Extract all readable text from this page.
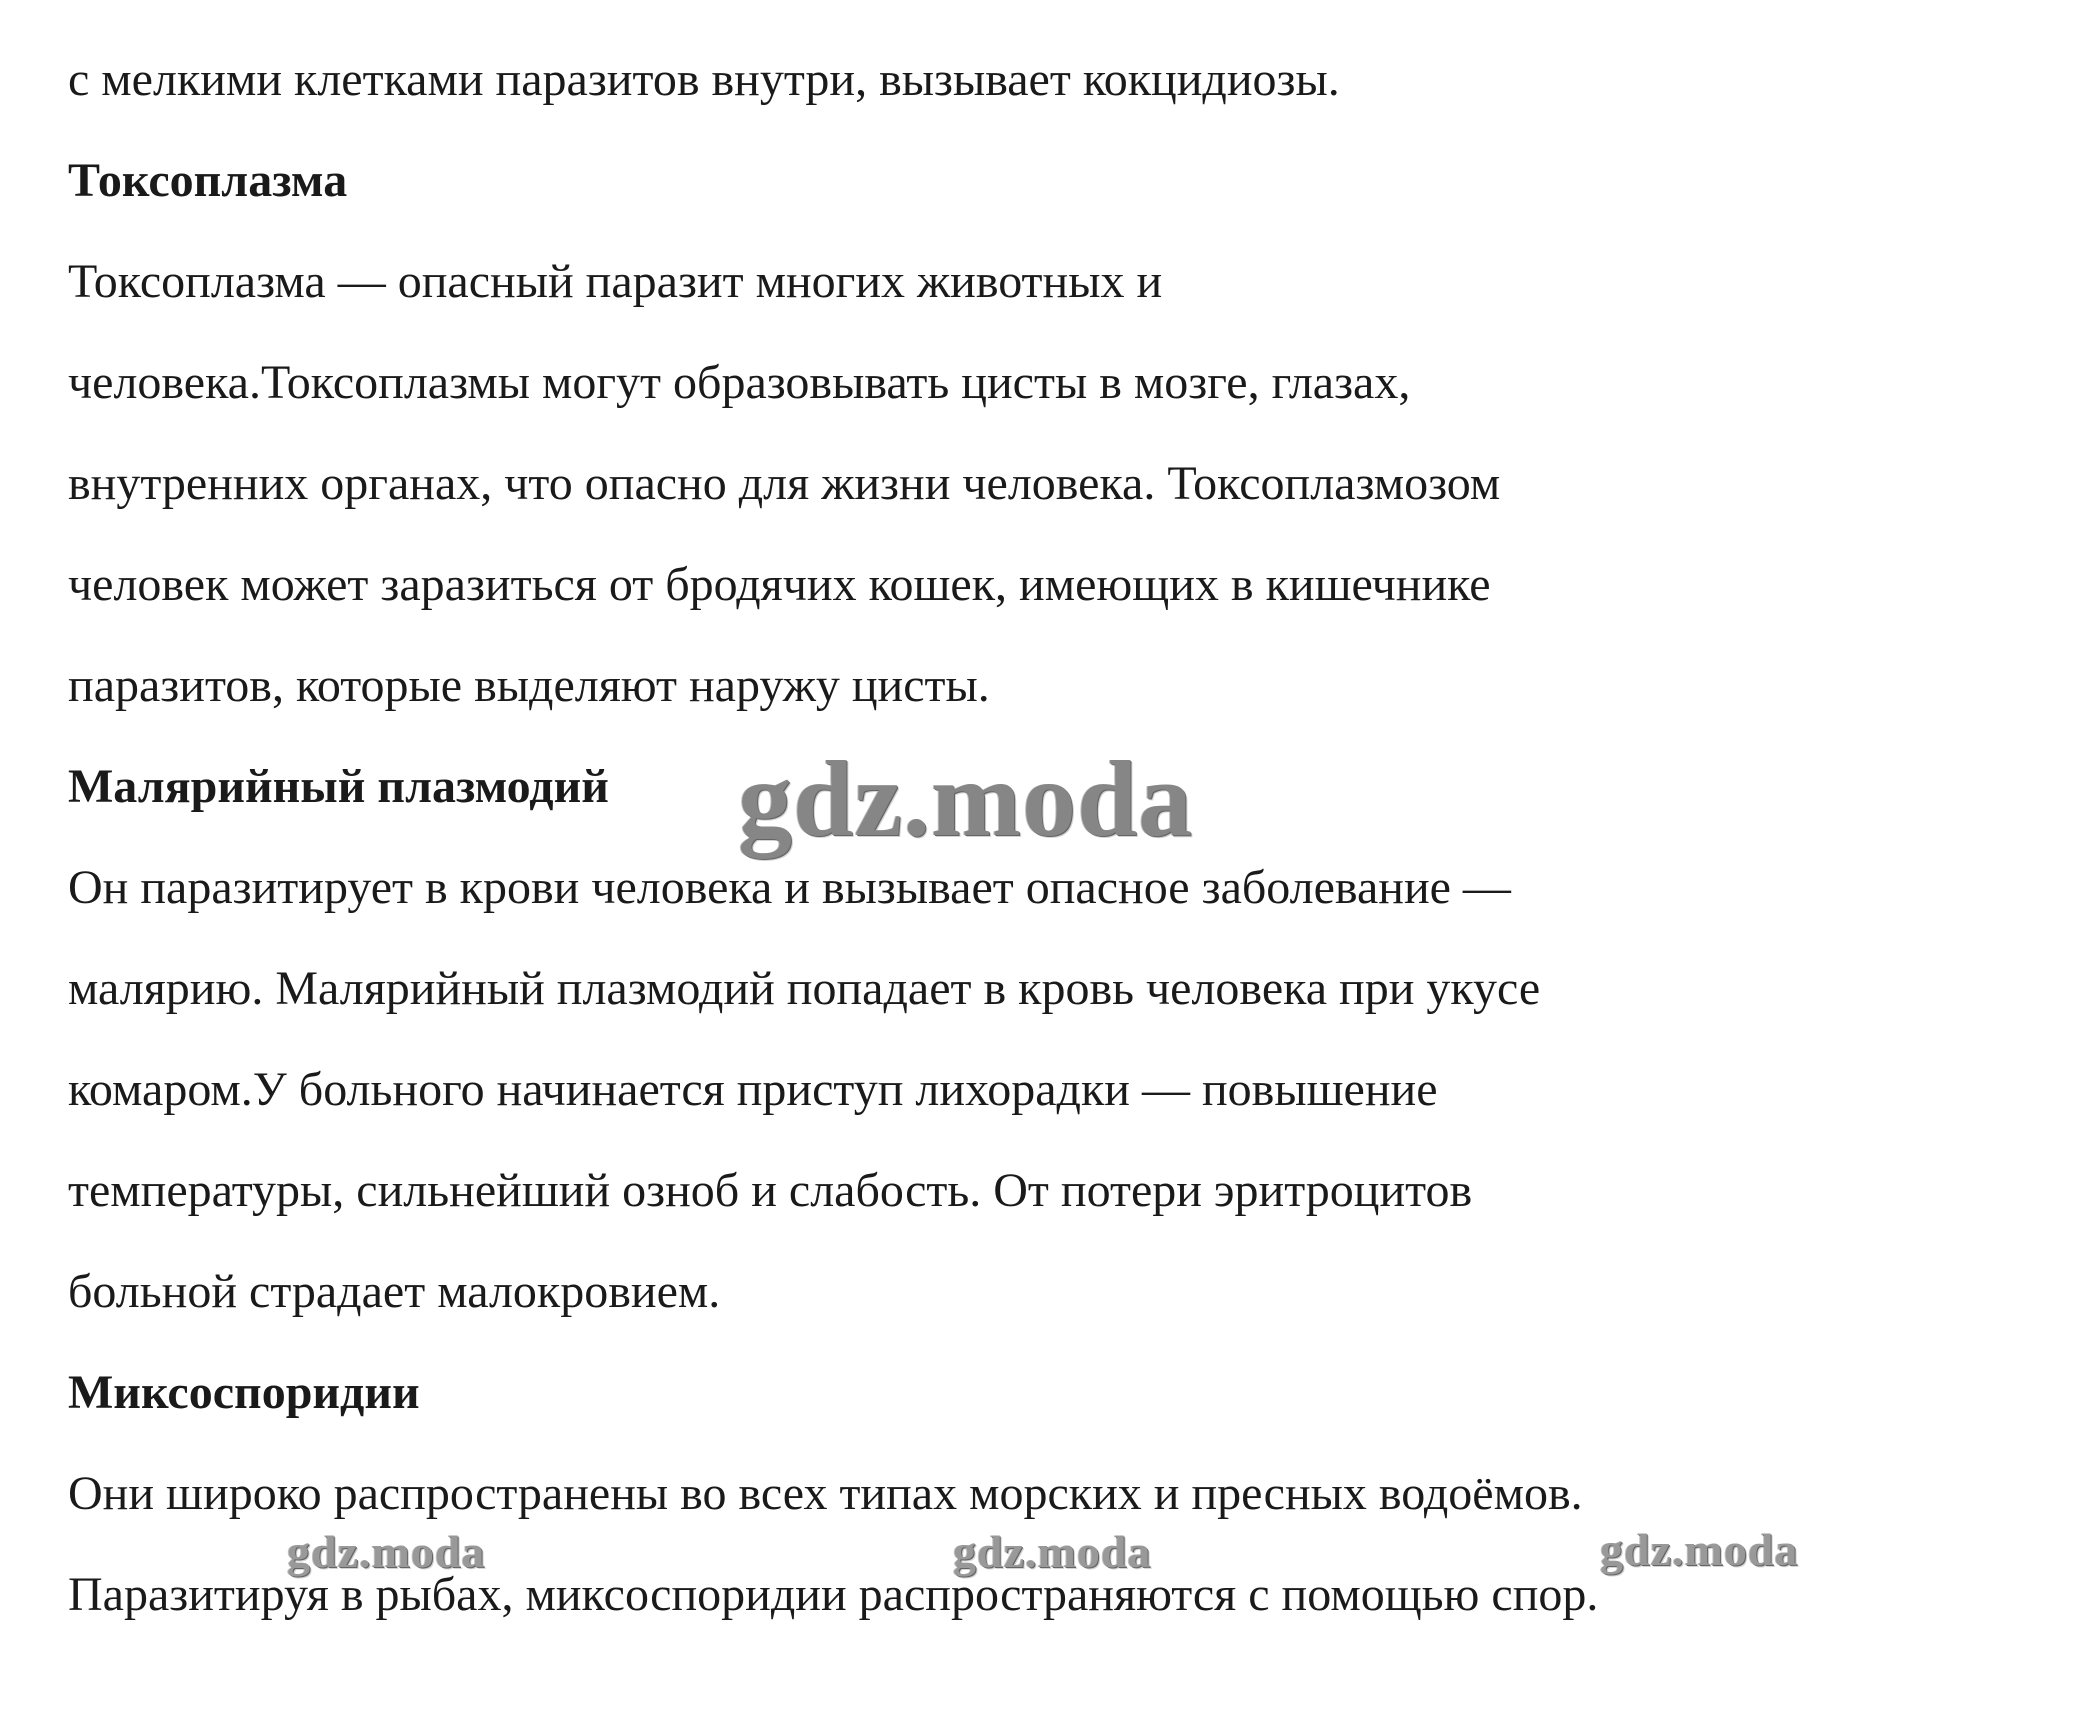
с мелкими клетками паразитов внутри, вызывает кокцидиозы.
Токсоплазма
Токсоплазма — опасный паразит многих животных и
человека.Токсоплазмы могут образовывать цисты в мозге, глазах,
внутренних органах, что опасно для жизни человека. Токсоплазмозом
человек может заразиться от бродячих кошек, имеющих в кишечнике
паразитов, которые выделяют наружу цисты.
Малярийный плазмодий
Он паразитирует в крови человека и вызывает опасное заболевание —
малярию. Малярийный плазмодий попадает в кровь человека при укусе
комаром.У больного начинается приступ лихорадки — повышение
температуры, сильнейший озноб и слабость. От потери эритроцитов
больной страдает малокровием.
Миксоспоридии
Они широко распространены во всех типах морских и пресных водоёмов.
Паразитируя в рыбах, миксоспоридии распространяются с помощью спор.
gdz.moda
gdz.moda	gdz.moda	gdz.moda
